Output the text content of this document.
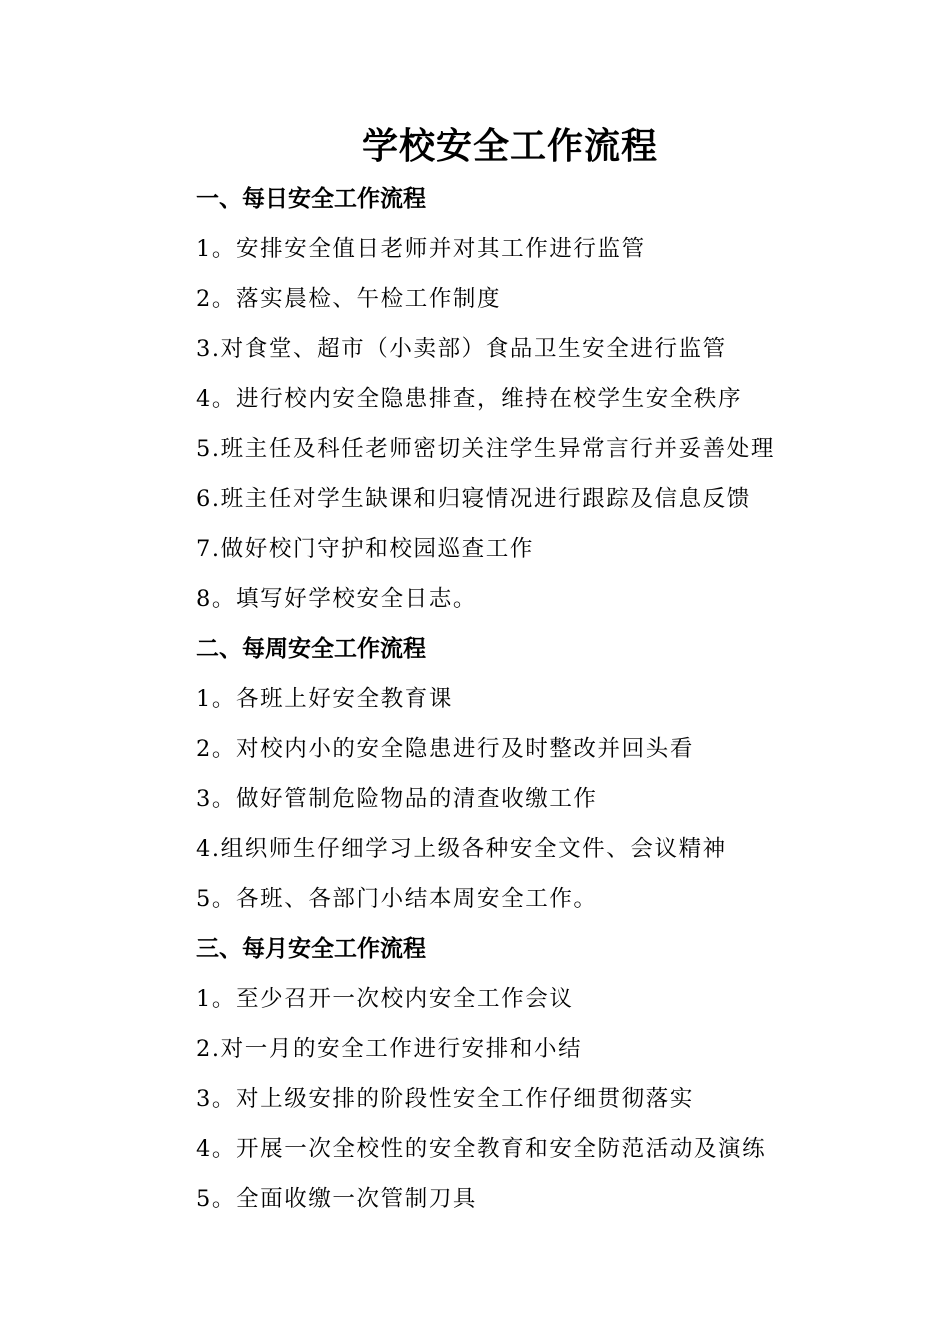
学校安全工作流程
一、每日安全工作流程
1。安排安全值日老师并对其工作进行监管
2。落实晨检、午检工作制度
3.对食堂、超市（小卖部）食品卫生安全进行监管
4。进行校内安全隐患排查，维持在校学生安全秩序
5.班主任及科任老师密切关注学生异常言行并妥善处理
6.班主任对学生缺课和归寝情况进行跟踪及信息反馈
7.做好校门守护和校园巡查工作
8。填写好学校安全日志。
二、每周安全工作流程
1。各班上好安全教育课
2。对校内小的安全隐患进行及时整改并回头看
3。做好管制危险物品的清查收缴工作
4.组织师生仔细学习上级各种安全文件、会议精神
5。各班、各部门小结本周安全工作。
三、每月安全工作流程
1。至少召开一次校内安全工作会议
2.对一月的安全工作进行安排和小结
3。对上级安排的阶段性安全工作仔细贯彻落实
4。开展一次全校性的安全教育和安全防范活动及演练
5。全面收缴一次管制刀具
